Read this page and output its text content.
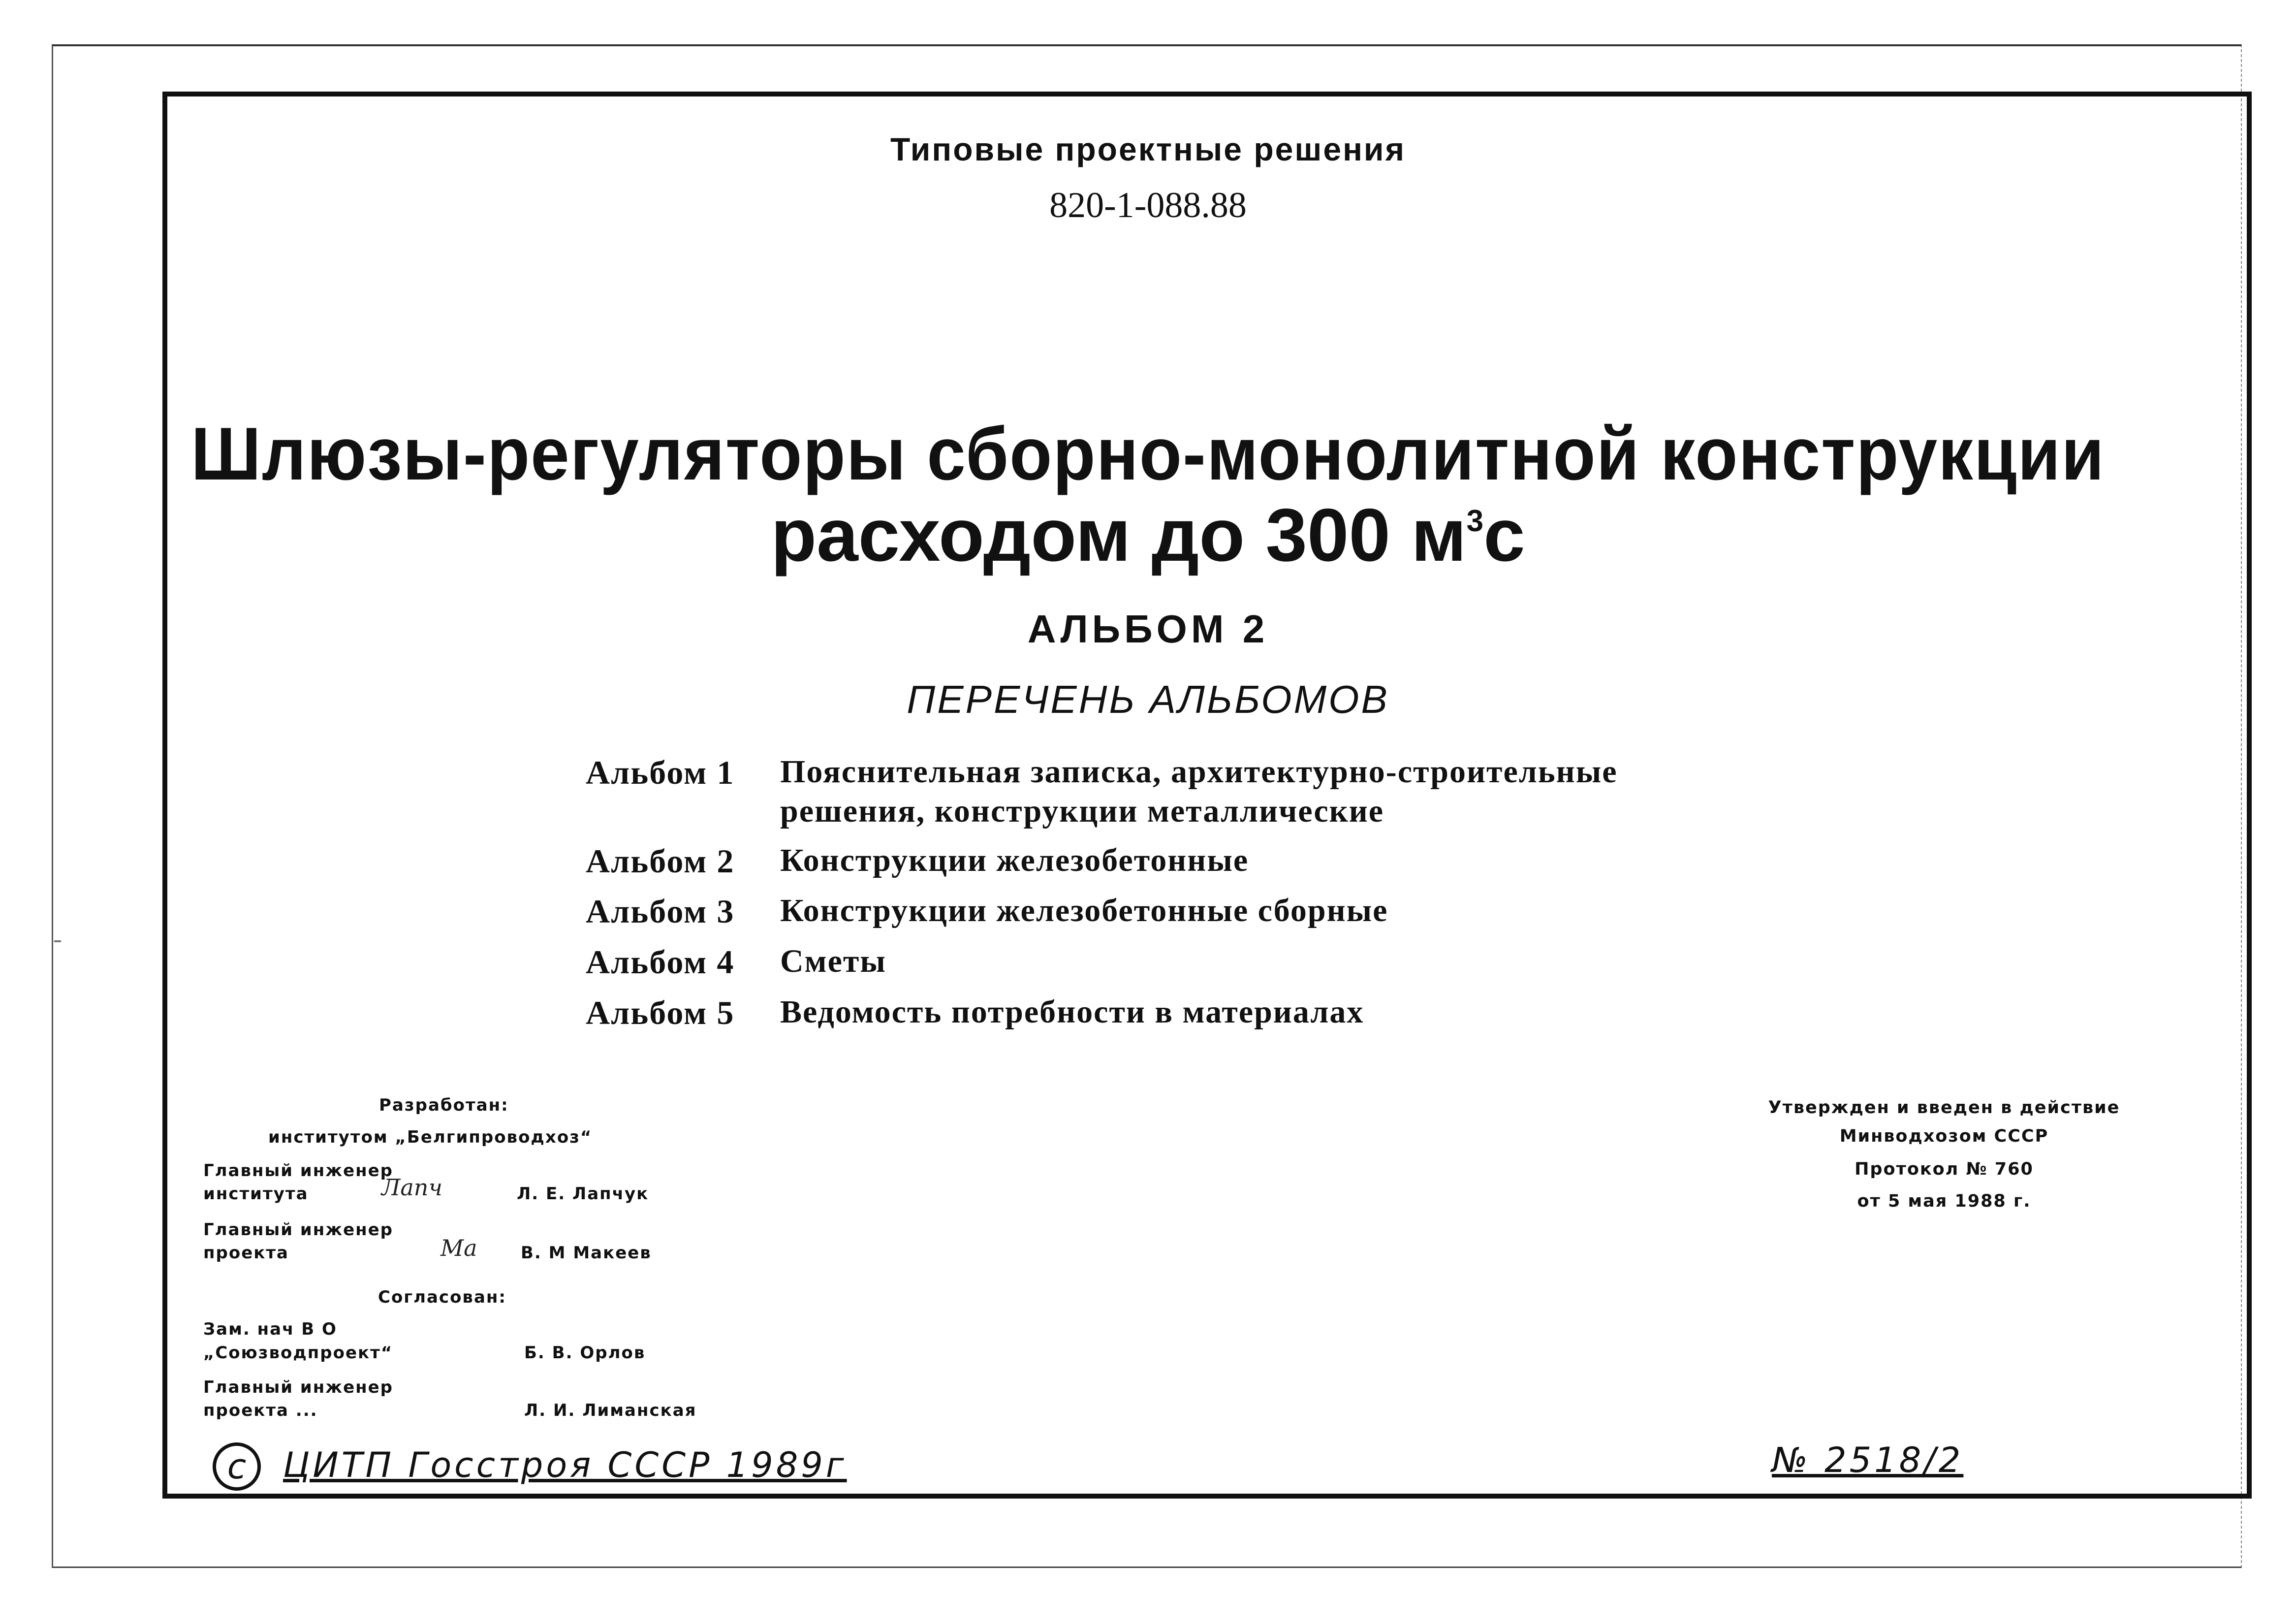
Типовые проектные решения
820-1-088.88
Шлюзы-регуляторы сборно-монолитной конструкции
расходом до 300 $м^3с$
АЛЬБОМ 2
ПЕРЕЧЕНЬ АЛЬБОМОВ
Альбом 1 Пояснительная записка, архитектурно-строительные
решения, конструкции металлические
Альбом 2 Конструкции железобетонные
Альбом 3 Конструкции железобетонные сборные
Альбом 4 Сметы
Альбом 5 Ведомость потребности в материалах
Разработан:
институтом „Белгипроводхоз“
Главный инженер
института	Лапч	Л. Е. Лапчук
Главный инженер
проекта	Ма	В. М Макеев
Согласован:
Зам. нач В О
„Союзводпроект“	Б. В. Орлов
Главный инженер
проекта ...	Л. И. Лиманская
Утвержден и введен в действие
Минводхозом СССР
Протокол № 760
от 5 мая 1988 г.
c	ЦИТП Госстроя СССР 1989г	№ 2518/2
